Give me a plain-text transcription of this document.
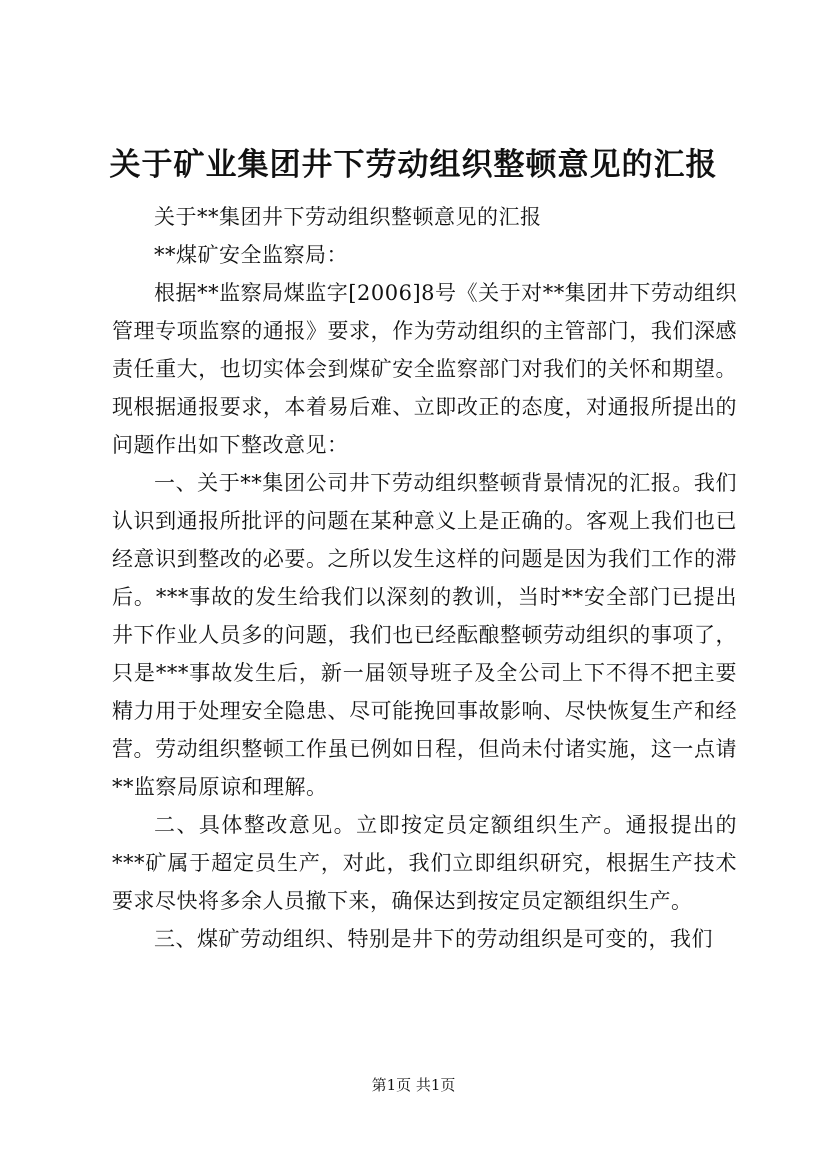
关于矿业集团井下劳动组织整顿意见的汇报

关于**集团井下劳动组织整顿意见的汇报

**煤矿安全监察局：

根据**监察局煤监字[2006]8号《关于对**集团井下劳动组织管理专项监察的通报》要求，作为劳动组织的主管部门，我们深感责任重大，也切实体会到煤矿安全监察部门对我们的关怀和期望。现根据通报要求，本着易后难、立即改正的态度，对通报所提出的问题作出如下整改意见：

一、关于**集团公司井下劳动组织整顿背景情况的汇报。我们认识到通报所批评的问题在某种意义上是正确的。客观上我们也已经意识到整改的必要。之所以发生这样的问题是因为我们工作的滞后。***事故的发生给我们以深刻的教训，当时**安全部门已提出井下作业人员多的问题，我们也已经酝酿整顿劳动组织的事项了，只是***事故发生后，新一届领导班子及全公司上下不得不把主要精力用于处理安全隐患、尽可能挽回事故影响、尽快恢复生产和经营。劳动组织整顿工作虽已例如日程，但尚未付诸实施，这一点请**监察局原谅和理解。

二、具体整改意见。立即按定员定额组织生产。通报提出的***矿属于超定员生产，对此，我们立即组织研究，根据生产技术要求尽快将多余人员撤下来，确保达到按定员定额组织生产。

三、煤矿劳动组织、特别是井下的劳动组织是可变的，我们

第1页 共1页
